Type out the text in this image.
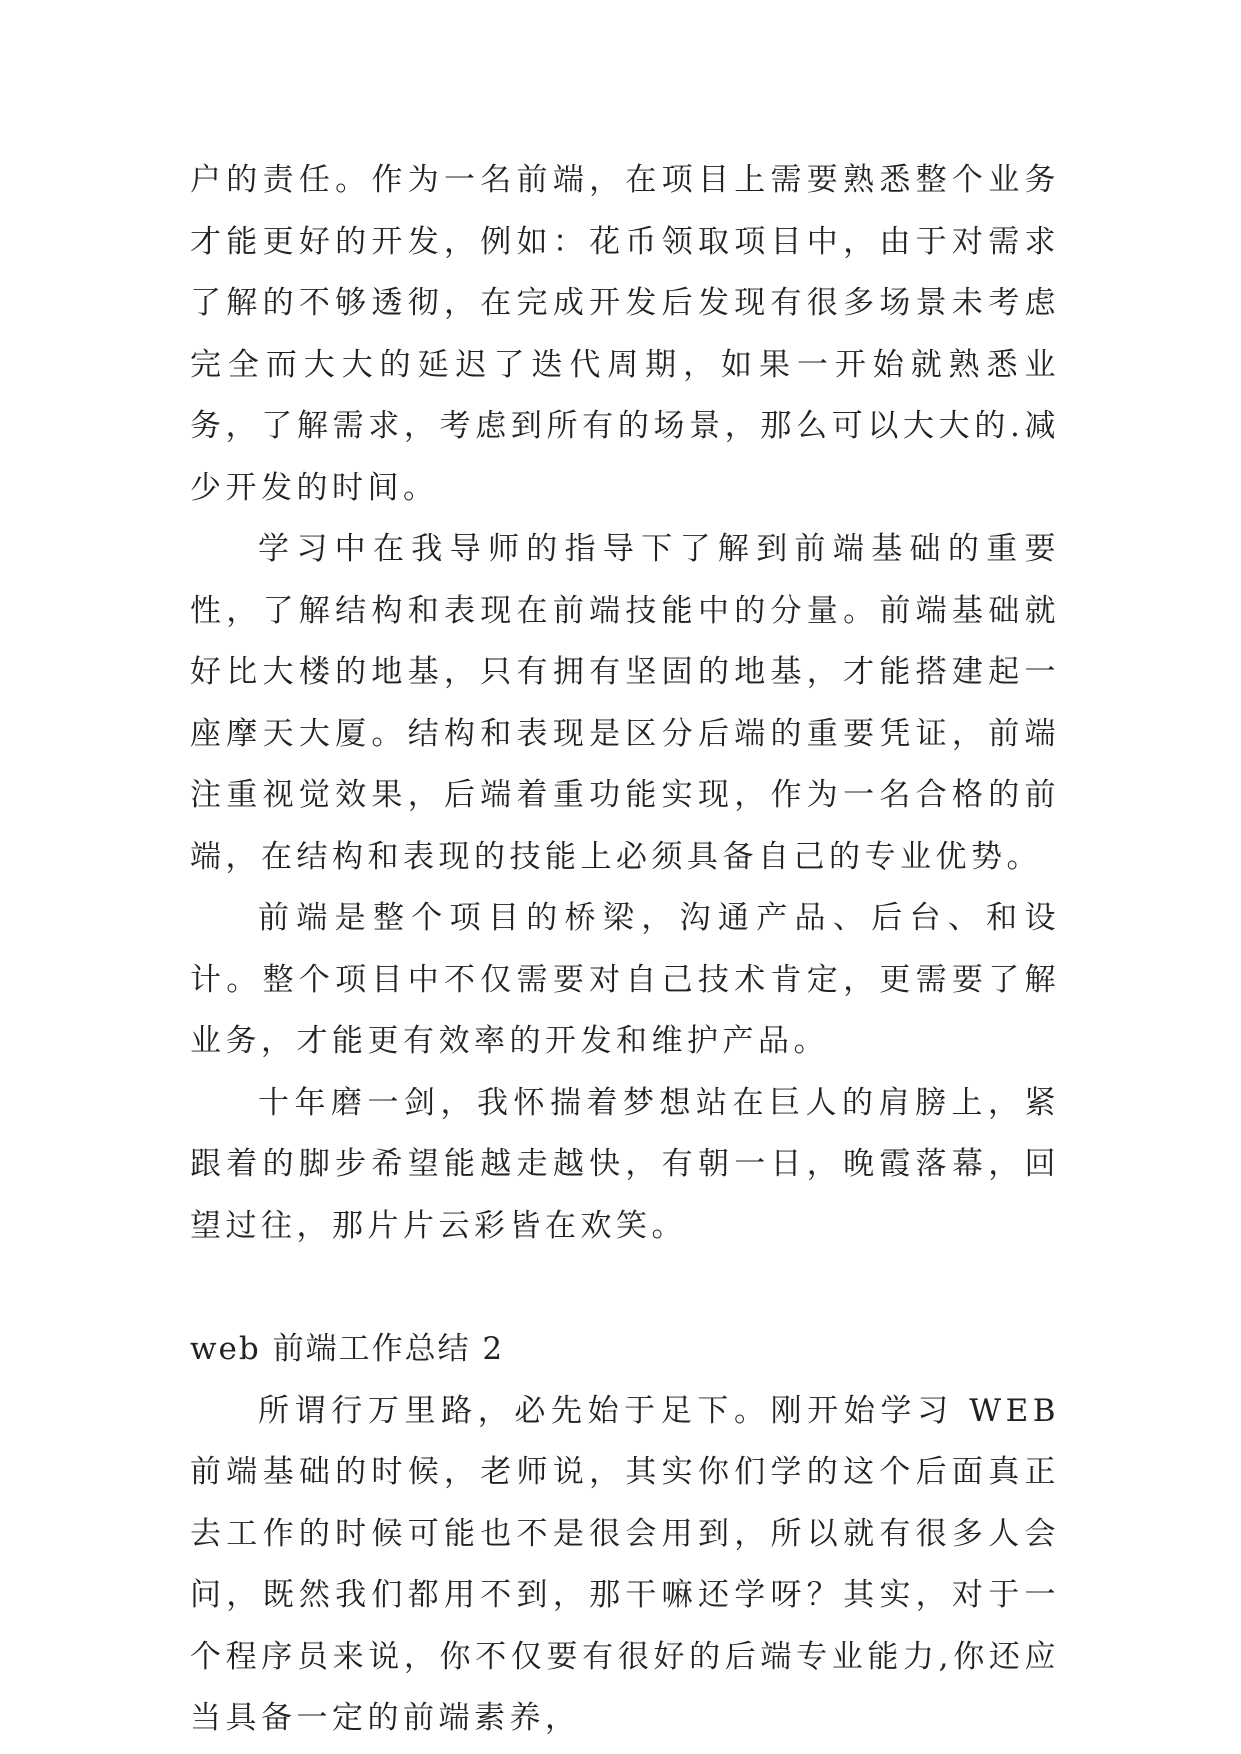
户的责任。作为一名前端，在项目上需要熟悉整个业务才能更好的开发，例如：花币领取项目中，由于对需求了解的不够透彻，在完成开发后发现有很多场景未考虑完全而大大的延迟了迭代周期，如果一开始就熟悉业务，了解需求，考虑到所有的场景，那么可以大大的.减少开发的时间。

学习中在我导师的指导下了解到前端基础的重要性，了解结构和表现在前端技能中的分量。前端基础就好比大楼的地基，只有拥有坚固的地基，才能搭建起一座摩天大厦。结构和表现是区分后端的重要凭证，前端注重视觉效果，后端着重功能实现，作为一名合格的前端，在结构和表现的技能上必须具备自己的专业优势。

前端是整个项目的桥梁，沟通产品、后台、和设计。整个项目中不仅需要对自己技术肯定，更需要了解业务，才能更有效率的开发和维护产品。

十年磨一剑，我怀揣着梦想站在巨人的肩膀上，紧跟着的脚步希望能越走越快，有朝一日，晚霞落幕，回望过往，那片片云彩皆在欢笑。

web 前端工作总结 2

所谓行万里路，必先始于足下。刚开始学习 WEB 前端基础的时候，老师说，其实你们学的这个后面真正去工作的时候可能也不是很会用到，所以就有很多人会问，既然我们都用不到，那干嘛还学呀？其实，对于一个程序员来说，你不仅要有很好的后端专业能力,你还应当具备一定的前端素养，
